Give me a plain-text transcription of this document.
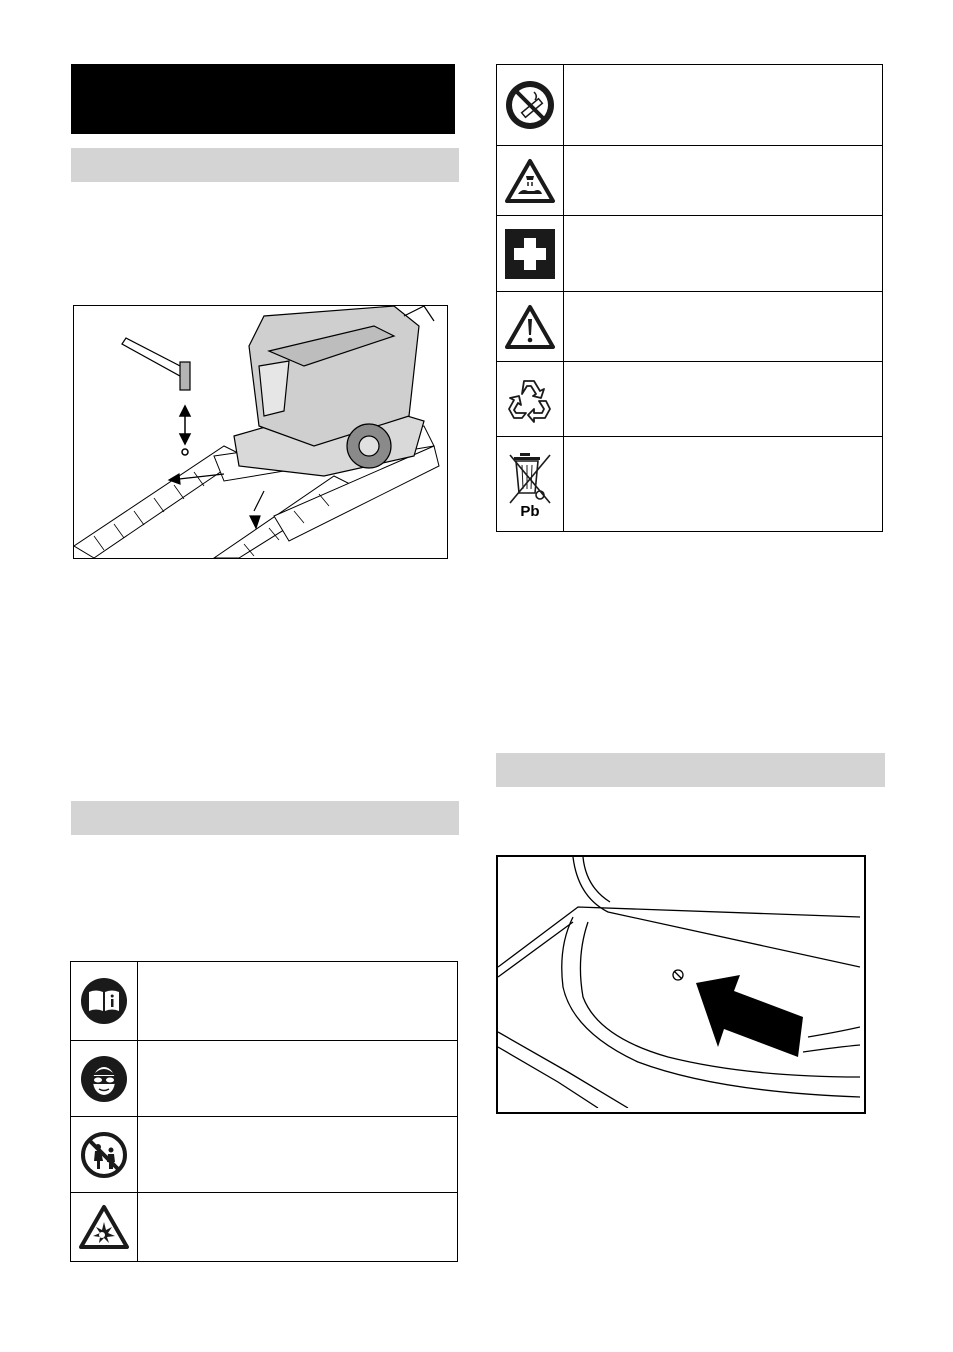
Pb	
